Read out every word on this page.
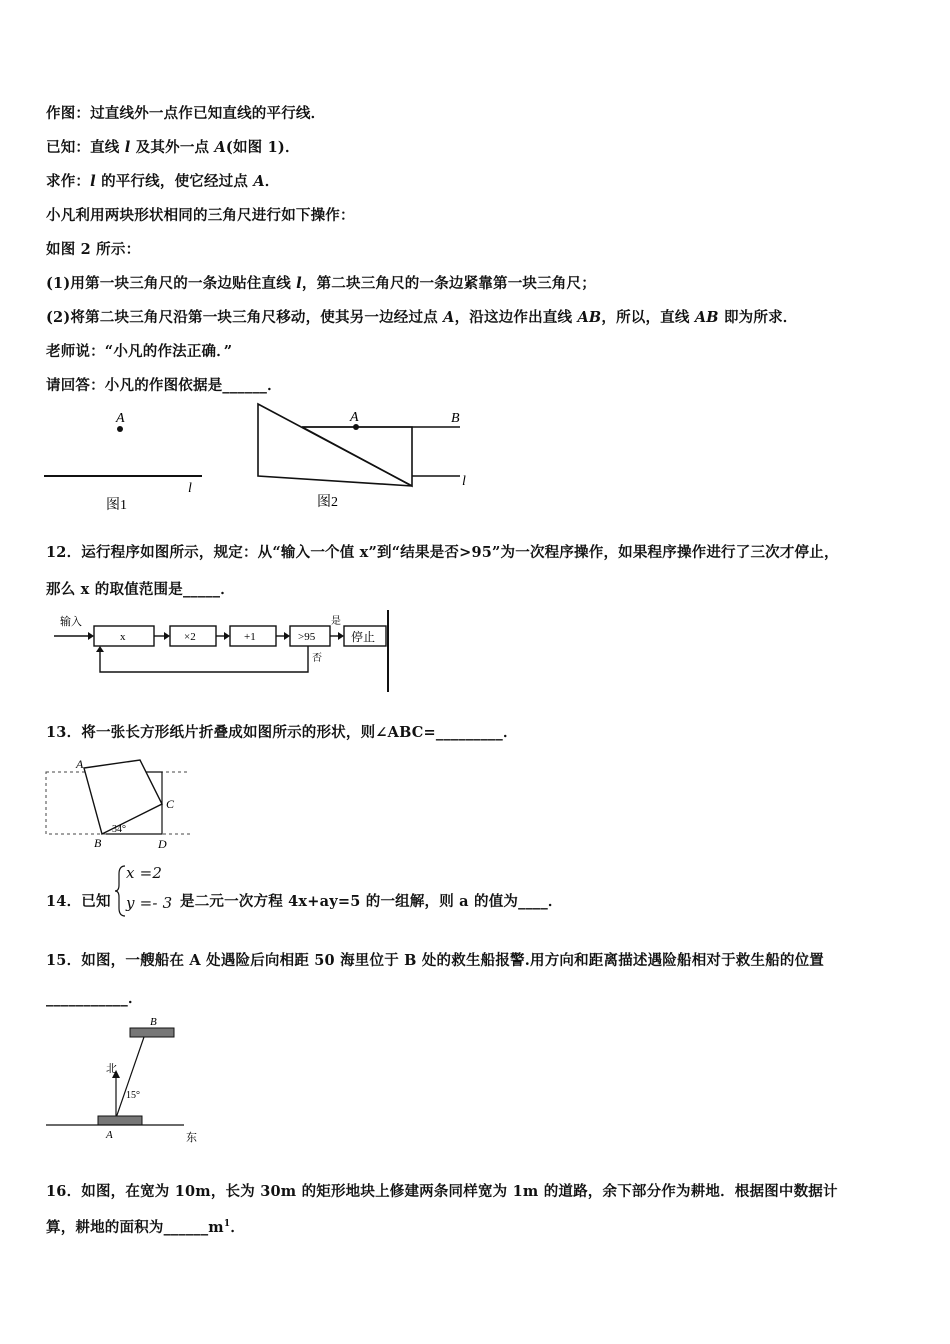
作图：过直线外一点作已知直线的平行线．
已知：直线 l 及其外一点 A(如图 1)．
求作：l 的平行线，使它经过点 A．
小凡利用两块形状相同的三角尺进行如下操作：
如图 2 所示：
(1)用第一块三角尺的一条边贴住直线 l，第二块三角尺的一条边紧靠第一块三角尺；
(2)将第二块三角尺沿第一块三角尺移动，使其另一边经过点 A，沿这边作出直线 AB，所以，直线 AB 即为所求．
老师说：“小凡的作法正确．”
请回答：小凡的作图依据是______．
A
l
图1
A	B
l
图2
12．运行程序如图所示，规定：从“输入一个值 x”到“结果是否>95”为一次程序操作，如果程序操作进行了三次才停止，
那么 x 的取值范围是_____．
输入
x	×2	+1	>95
是
停止
否
13．将一张长方形纸片折叠成如图所示的形状，则∠ABC=_________．
A
C
B	D
34°
14．已知
x =2
y =- 3 是二元一次方程 4x+ay=5 的一组解，则 a 的值为____．
15．如图，一艘船在 A 处遇险后向相距 50 海里位于 B 处的救生船报警.用方向和距离描述遇险船相对于救生船的位置
___________．
B
北
15°
A	东
16．如图，在宽为 10m，长为 30m 的矩形地块上修建两条同样宽为 1m 的道路，余下部分作为耕地．根据图中数据计
算，耕地的面积为$\_\_\_\_\_\_m^1$．
